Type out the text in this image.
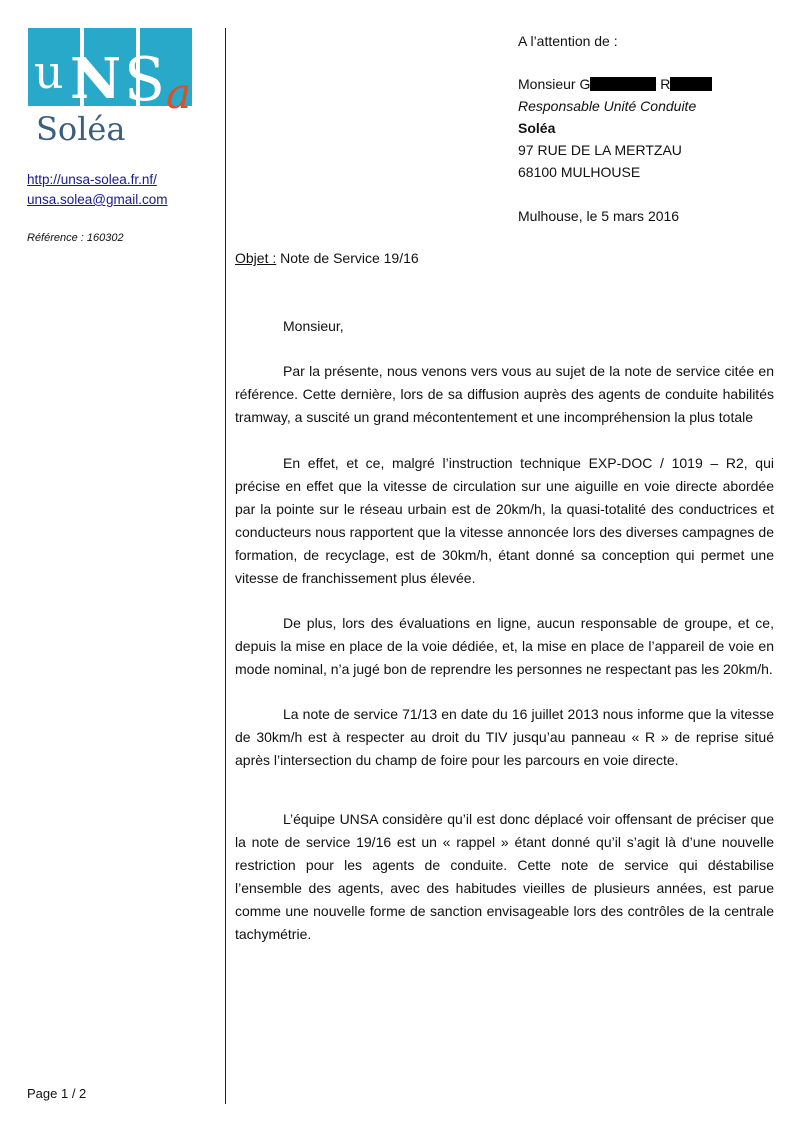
u N S a
Soléa
http://unsa-solea.fr.nf/
unsa.solea@gmail.com
Référence : 160302
Page 1 / 2
A l’attention de :
Monsieur G	R
Responsable Unité Conduite
Soléa
97 RUE DE LA MERTZAU
68100 MULHOUSE
Mulhouse, le 5 mars 2016
Objet : Note de Service 19/16

Monsieur,

Par la présente, nous venons vers vous au sujet de la note de service citée en référence. Cette dernière, lors de sa diffusion auprès des agents de conduite habilités tramway, a suscité un grand mécontentement et une incompréhension la plus totale

En effet, et ce, malgré l’instruction technique EXP-DOC / 1019 – R2, qui précise en effet que la vitesse de circulation sur une aiguille en voie directe abordée par la pointe sur le réseau urbain est de 20km/h, la quasi-totalité des conductrices et conducteurs nous rapportent que la vitesse annoncée lors des diverses campagnes de formation, de recyclage, est de 30km/h, étant donné sa conception qui permet une vitesse de franchissement plus élevée.

De plus, lors des évaluations en ligne, aucun responsable de groupe, et ce, depuis la mise en place de la voie dédiée, et, la mise en place de l’appareil de voie en mode nominal, n’a jugé bon de reprendre les personnes ne respectant pas les 20km/h.

La note de service 71/13 en date du 16 juillet 2013 nous informe que la vitesse de 30km/h est à respecter au droit du TIV jusqu’au panneau « R » de reprise situé après l’intersection du champ de foire pour les parcours en voie directe.

L’équipe UNSA considère qu’il est donc déplacé voir offensant de préciser que la note de service 19/16 est un « rappel » étant donné qu’il s’agit là d’une nouvelle restriction pour les agents de conduite. Cette note de service qui déstabilise l’ensemble des agents, avec des habitudes vieilles de plusieurs années, est parue comme une nouvelle forme de sanction envisageable lors des contrôles de la centrale tachymétrie.
